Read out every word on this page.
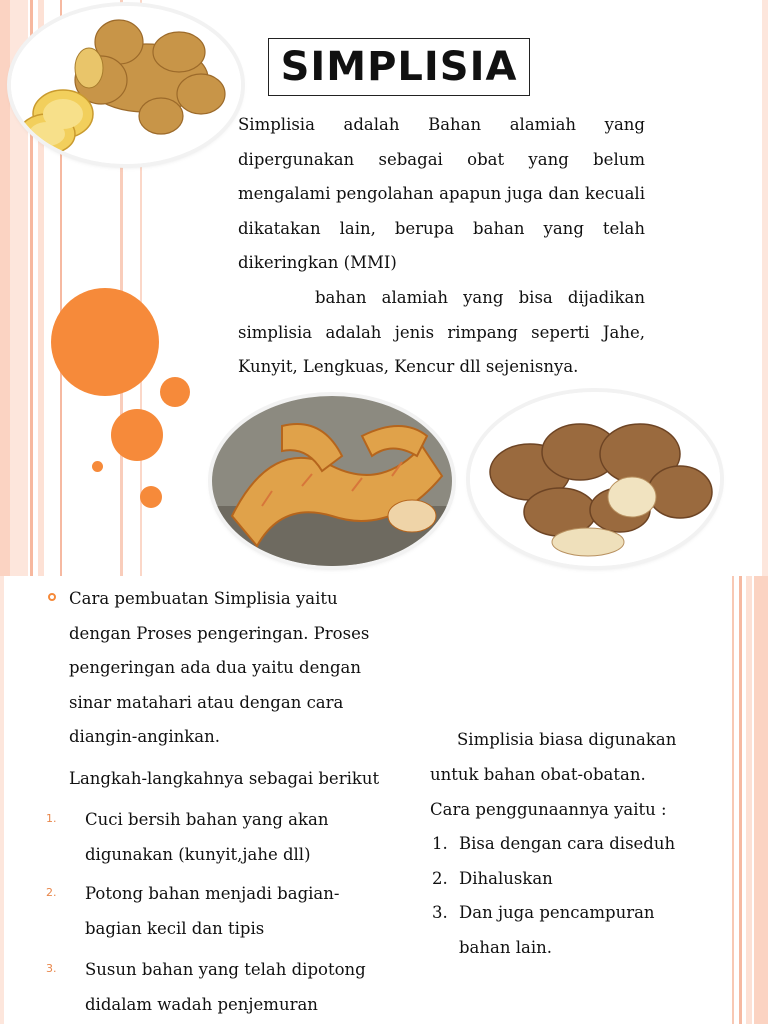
SIMPLISIA

Simplisia adalah Bahan alamiah yang dipergunakan sebagai obat yang belum mengalami pengolahan apapun juga dan kecuali dikatakan lain, berupa bahan yang telah dikeringkan (MMI)

bahan alamiah yang bisa dijadikan simplisia adalah jenis rimpang seperti Jahe, Kunyit, Lengkuas, Kencur dll sejenisnya.

Cara pembuatan Simplisia yaitu dengan Proses pengeringan. Proses pengeringan ada dua yaitu dengan sinar matahari atau dengan cara diangin-anginkan.
Langkah-langkahnya sebagai berikut
1. Cuci bersih bahan yang akan digunakan (kunyit,jahe dll)
2. Potong bahan menjadi bagian-bagian kecil dan tipis
3. Susun bahan yang telah dipotong didalam wadah penjemuran

Simplisia biasa digunakan untuk bahan obat-obatan.

Cara penggunaannya yaitu :
1. Bisa dengan cara diseduh
2. Dihaluskan
3. Dan juga pencampuran bahan lain.
